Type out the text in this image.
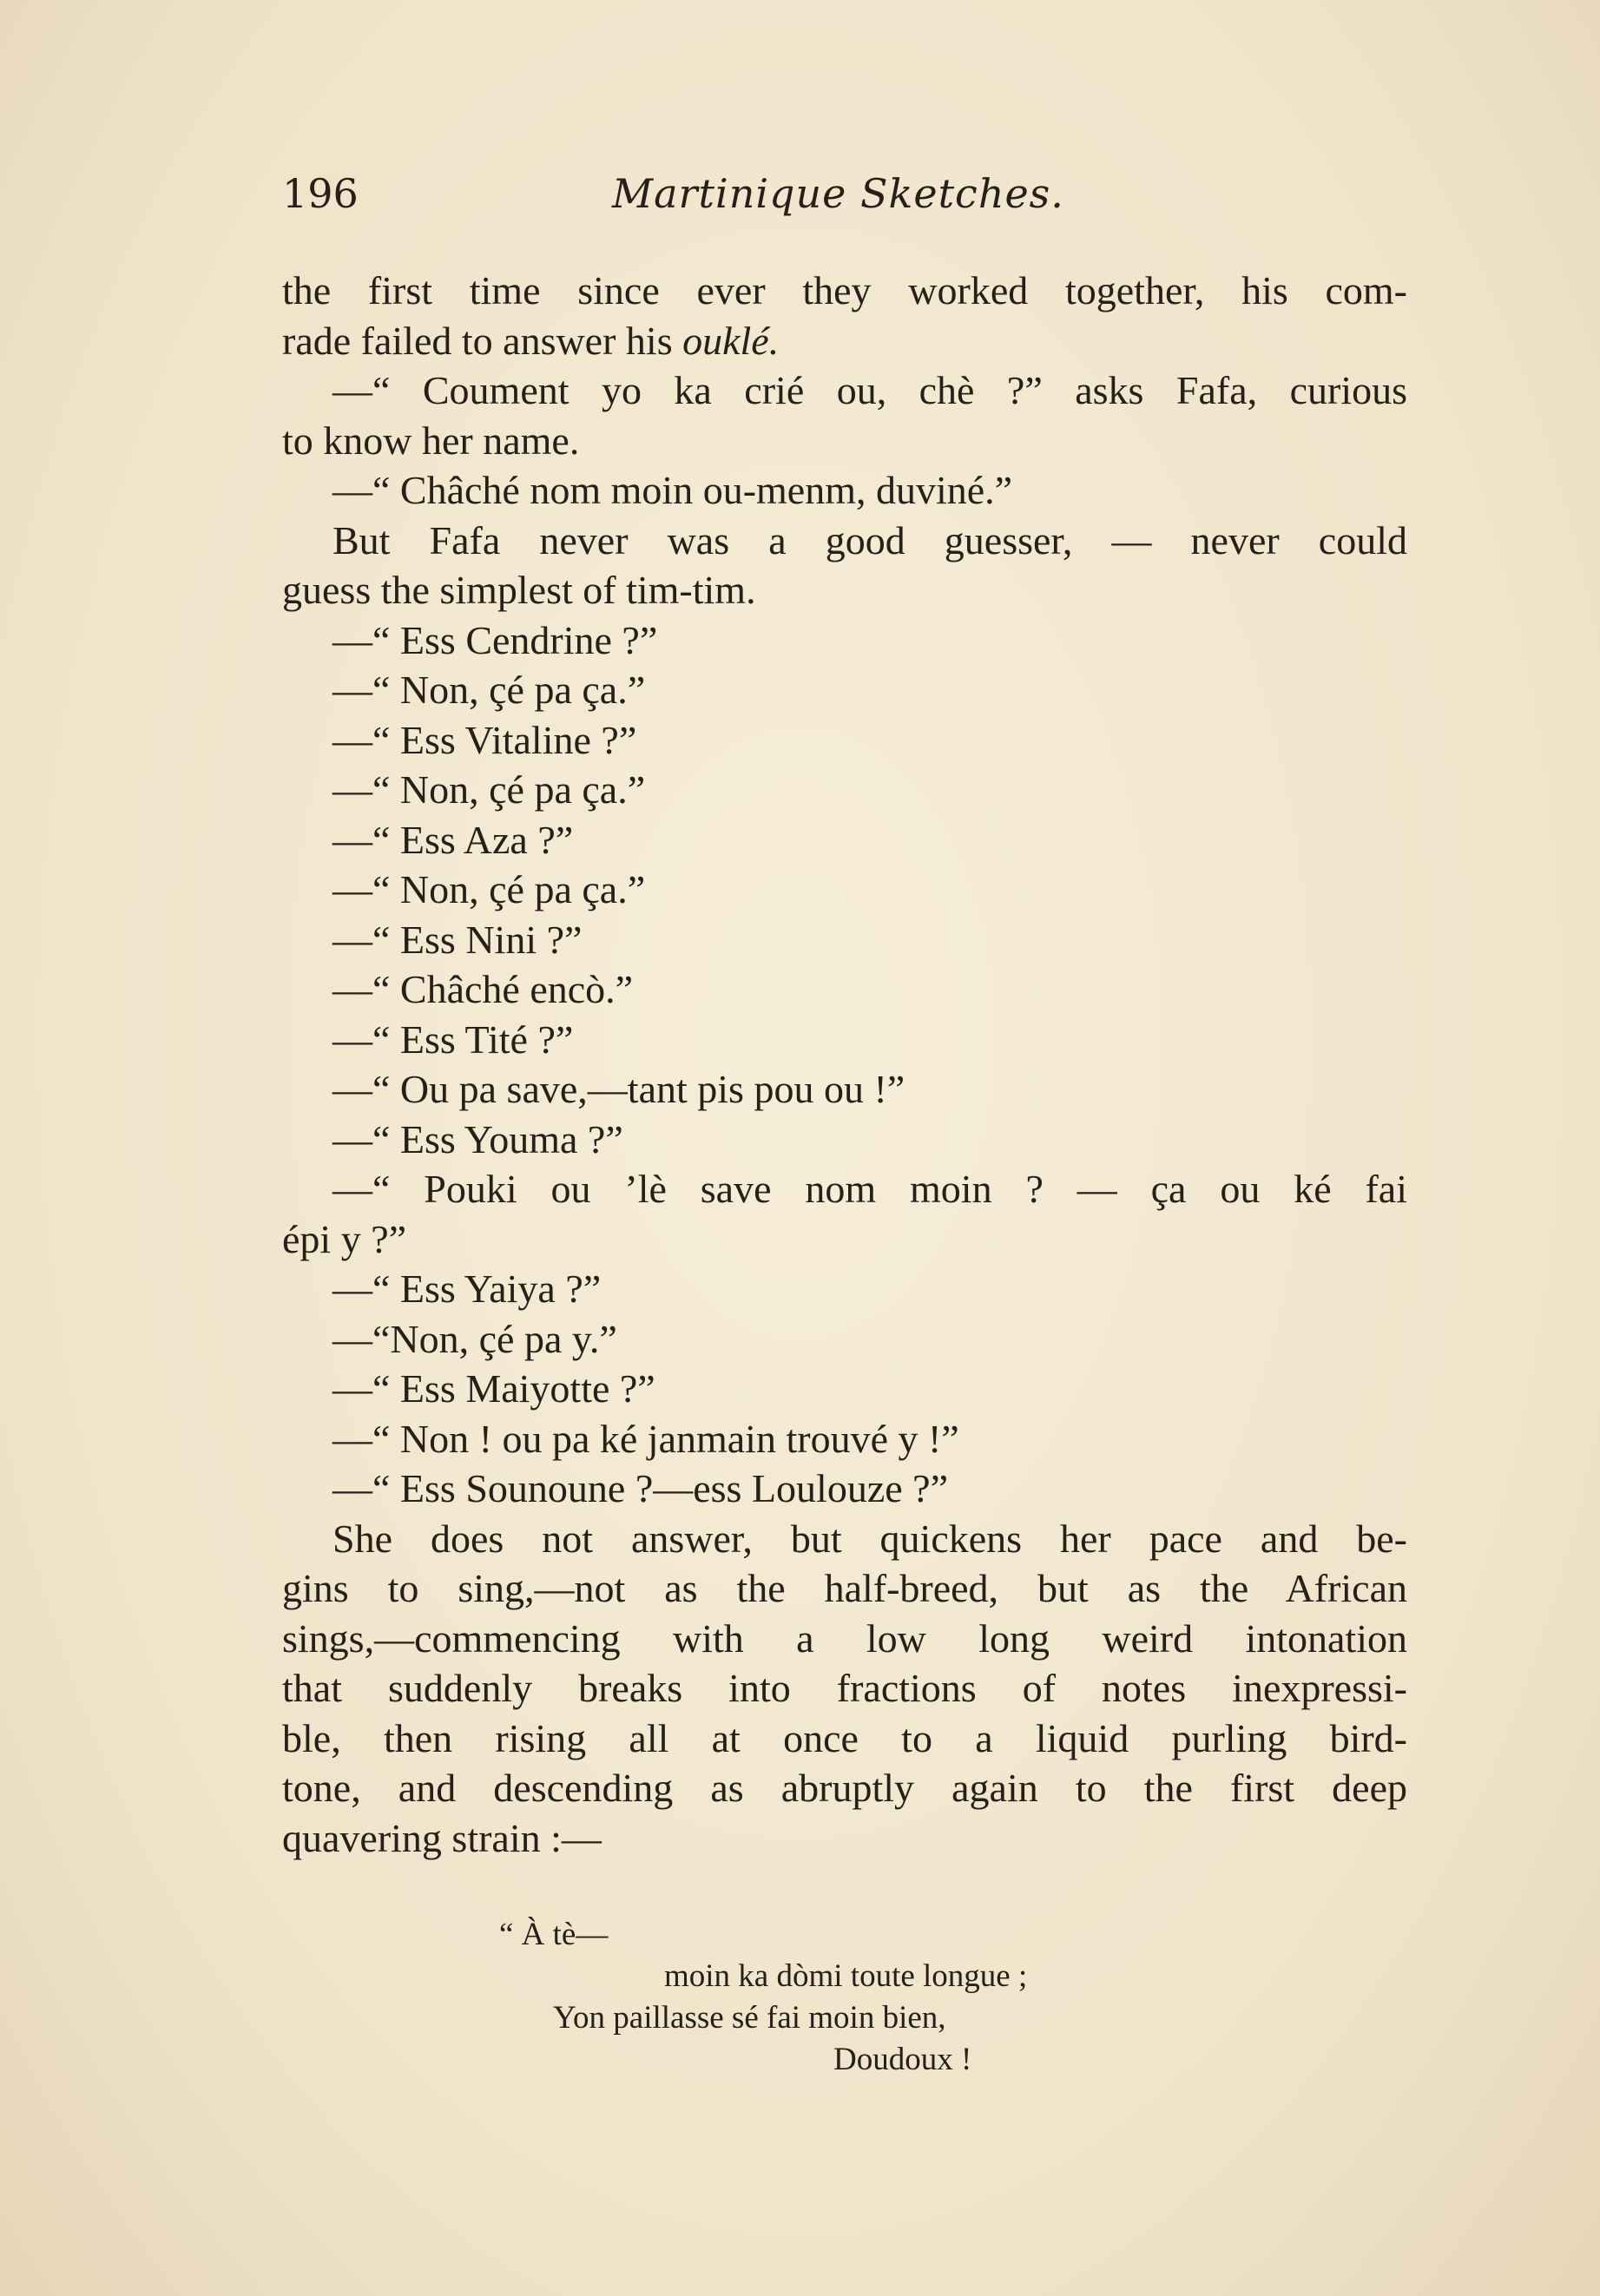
196	Martinique Sketches.
the first time since ever they worked together, his com-
rade failed to answer his ouklé.
—“ Coument yo ka crié ou, chè ?” asks Fafa, curious
to know her name.
—“ Châché nom moin ou-menm, duviné.”
But Fafa never was a good guesser, — never could
guess the simplest of tim-tim.
—“ Ess Cendrine ?”
—“ Non, çé pa ça.”
—“ Ess Vitaline ?”
—“ Non, çé pa ça.”
—“ Ess Aza ?”
—“ Non, çé pa ça.”
—“ Ess Nini ?”
—“ Châché encò.”
—“ Ess Tité ?”
—“ Ou pa save,—tant pis pou ou !”
—“ Ess Youma ?”
—“ Pouki ou ’lè save nom moin ? — ça ou ké fai
épi y ?”
—“ Ess Yaiya ?”
—“Non, çé pa y.”
—“ Ess Maiyotte ?”
—“ Non ! ou pa ké janmain trouvé y !”
—“ Ess Sounoune ?—ess Loulouze ?”
She does not answer, but quickens her pace and be-
gins to sing,—not as the half-breed, but as the African
sings,—commencing with a low long weird intonation
that suddenly breaks into fractions of notes inexpressi-
ble, then rising all at once to a liquid purling bird-
tone, and descending as abruptly again to the first deep
quavering strain :—
“ À tè—
moin ka dòmi toute longue ;
Yon paillasse sé fai moin bien,
Doudoux !
